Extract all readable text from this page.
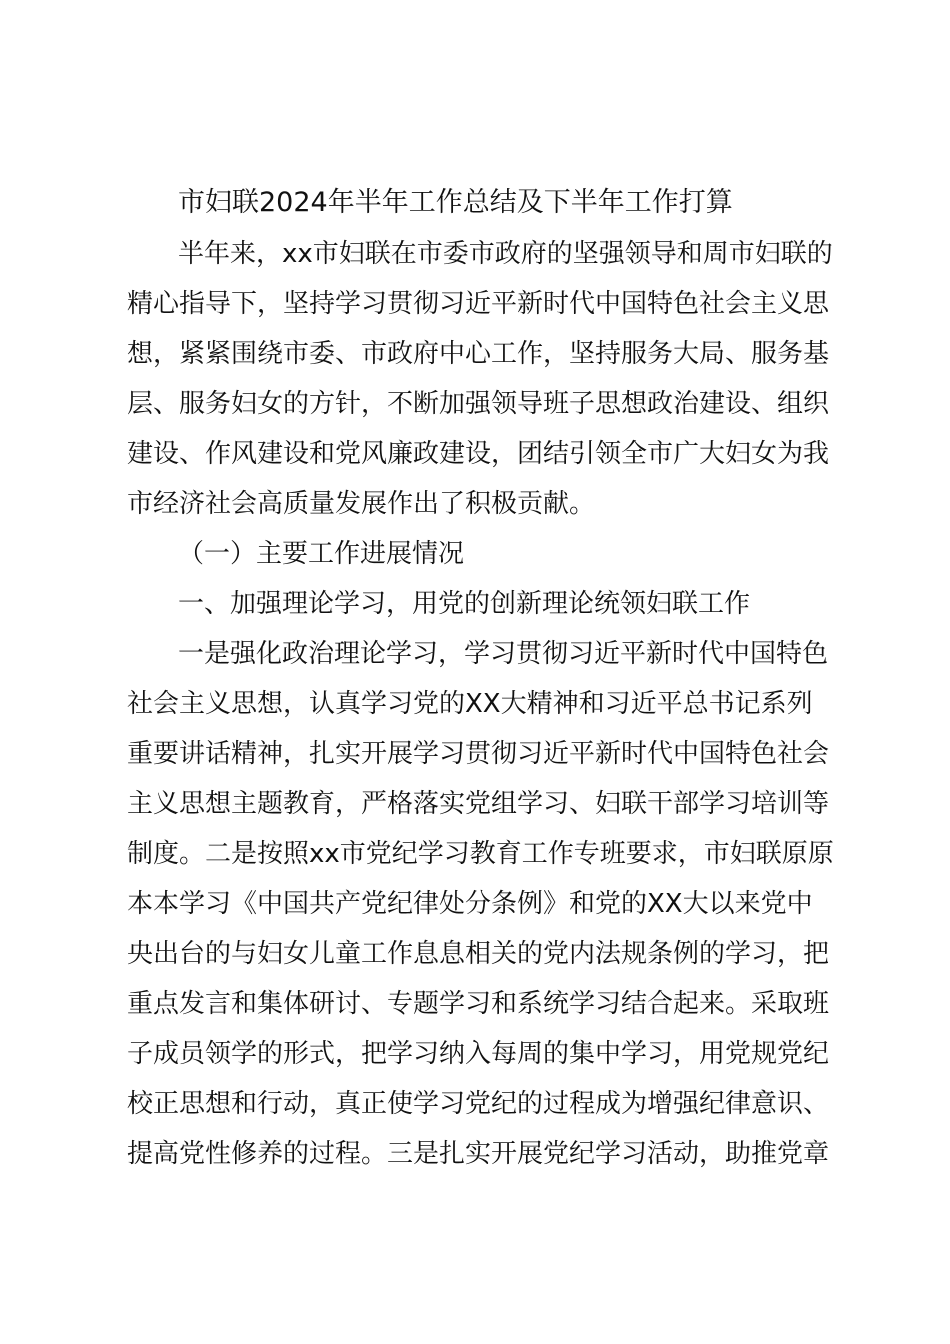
市妇联2024年半年工作总结及下半年工作打算
半年来，xx市妇联在市委市政府的坚强领导和周市妇联的
精心指导下，坚持学习贯彻习近平新时代中国特色社会主义思
想，紧紧围绕市委、市政府中心工作，坚持服务大局、服务基
层、服务妇女的方针，不断加强领导班子思想政治建设、组织
建设、作风建设和党风廉政建设，团结引领全市广大妇女为我
市经济社会高质量发展作出了积极贡献。
（一）主要工作进展情况
一、加强理论学习，用党的创新理论统领妇联工作
一是强化政治理论学习，学习贯彻习近平新时代中国特色
社会主义思想，认真学习党的XX大精神和习近平总书记系列
重要讲话精神，扎实开展学习贯彻习近平新时代中国特色社会
主义思想主题教育，严格落实党组学习、妇联干部学习培训等
制度。二是按照xx市党纪学习教育工作专班要求，市妇联原原
本本学习《中国共产党纪律处分条例》和党的XX大以来党中
央出台的与妇女儿童工作息息相关的党内法规条例的学习，把
重点发言和集体研讨、专题学习和系统学习结合起来。采取班
子成员领学的形式，把学习纳入每周的集中学习，用党规党纪
校正思想和行动，真正使学习党纪的过程成为增强纪律意识、
提高党性修养的过程。三是扎实开展党纪学习活动，助推党章
